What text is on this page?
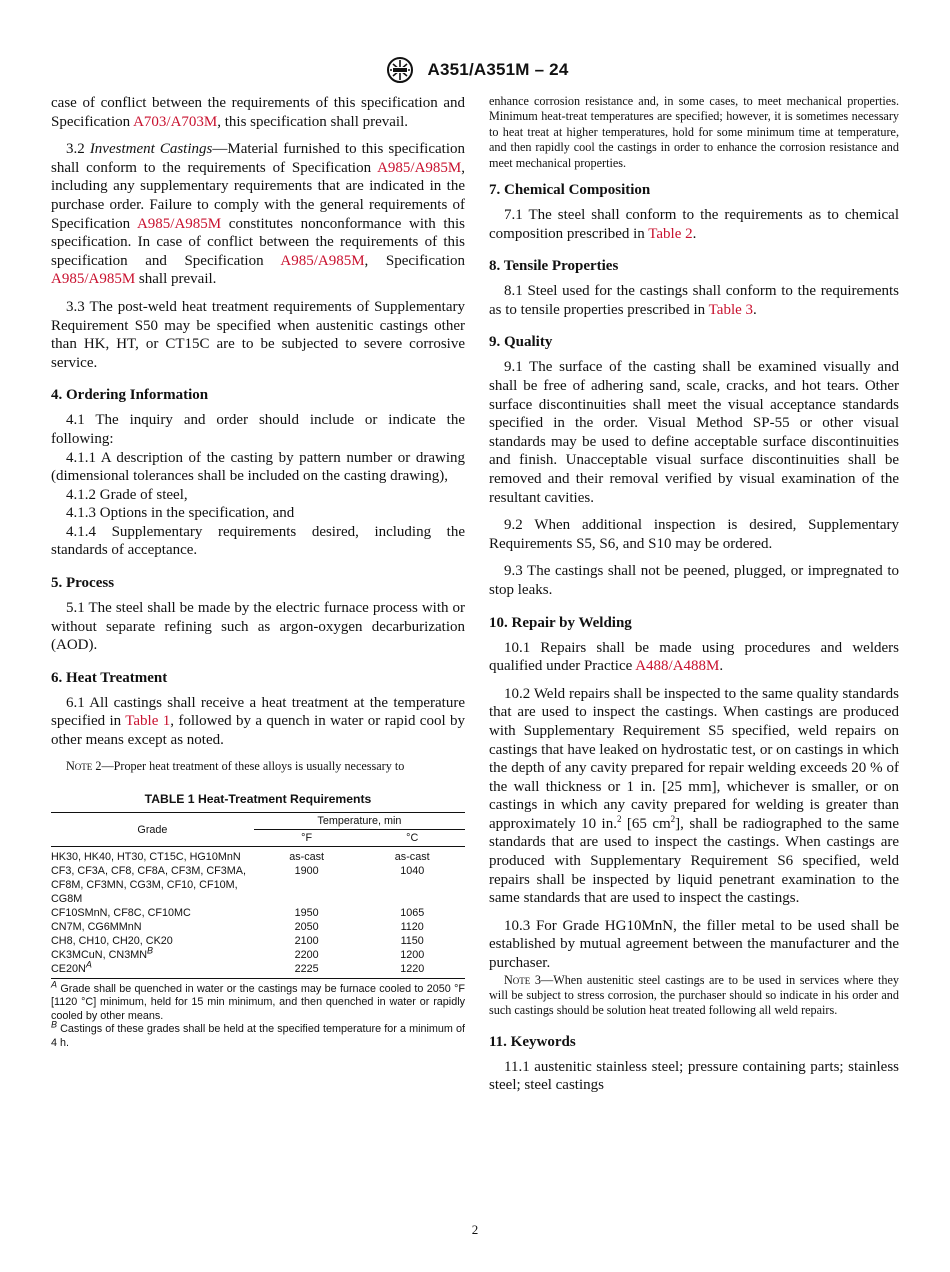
A351/A351M – 24

case of conflict between the requirements of this specification and Specification A703/A703M, this specification shall prevail.

3.2 Investment Castings—Material furnished to this specification shall conform to the requirements of Specification A985/A985M, including any supplementary requirements that are indicated in the purchase order. Failure to comply with the general requirements of Specification A985/A985M constitutes nonconformance with this specification. In case of conflict between the requirements of this specification and Specification A985/A985M, Specification A985/A985M shall prevail.

3.3 The post-weld heat treatment requirements of Supplementary Requirement S50 may be specified when austenitic castings other than HK, HT, or CT15C are to be subjected to severe corrosive service.

4. Ordering Information

4.1 The inquiry and order should include or indicate the following:

4.1.1 A description of the casting by pattern number or drawing (dimensional tolerances shall be included on the casting drawing),

4.1.2 Grade of steel,

4.1.3 Options in the specification, and

4.1.4 Supplementary requirements desired, including the standards of acceptance.

5. Process

5.1 The steel shall be made by the electric furnace process with or without separate refining such as argon-oxygen decarburization (AOD).

6. Heat Treatment

6.1 All castings shall receive a heat treatment at the temperature specified in Table 1, followed by a quench in water or rapid cool by other means except as noted.

Note 2—Proper heat treatment of these alloys is usually necessary to

TABLE 1 Heat-Treatment Requirements
Grade	Temperature, min	
	°F	°C
HK30, HK40, HT30, CT15C, HG10MnN	as-cast	as-cast
CF3, CF3A, CF8, CF8A, CF3M, CF3MA, CF8M, CF3MN, CG3M, CF10, CF10M, CG8M	1900	1040
CF10SMnN, CF8C, CF10MC	1950	1065
CN7M, CG6MMnN	2050	1120
CH8, CH10, CH20, CK20	2100	1150
CK3MCuN, $CN3MN^B$	2200	1200
$CE20N^A$	2225	1220

$^A$ Grade shall be quenched in water or the castings may be furnace cooled to 2050 °F [1120 °C] minimum, held for 15 min minimum, and then quenched in water or rapidly cooled by other means.

$^B$ Castings of these grades shall be held at the specified temperature for a minimum of 4 h.

enhance corrosion resistance and, in some cases, to meet mechanical properties. Minimum heat-treat temperatures are specified; however, it is sometimes necessary to heat treat at higher temperatures, hold for some minimum time at temperature, and then rapidly cool the castings in order to enhance the corrosion resistance and meet mechanical properties.

7. Chemical Composition

7.1 The steel shall conform to the requirements as to chemical composition prescribed in Table 2.

8. Tensile Properties

8.1 Steel used for the castings shall conform to the requirements as to tensile properties prescribed in Table 3.

9. Quality

9.1 The surface of the casting shall be examined visually and shall be free of adhering sand, scale, cracks, and hot tears. Other surface discontinuities shall meet the visual acceptance standards specified in the order. Visual Method SP-55 or other visual standards may be used to define acceptable surface discontinuities and finish. Unacceptable visual surface discontinuities shall be removed and their removal verified by visual examination of the resultant cavities.

9.2 When additional inspection is desired, Supplementary Requirements S5, S6, and S10 may be ordered.

9.3 The castings shall not be peened, plugged, or impregnated to stop leaks.

10. Repair by Welding

10.1 Repairs shall be made using procedures and welders qualified under Practice A488/A488M.

10.2 Weld repairs shall be inspected to the same quality standards that are used to inspect the castings. When castings are produced with Supplementary Requirement S5 specified, weld repairs on castings that have leaked on hydrostatic test, or on castings in which the depth of any cavity prepared for repair welding exceeds 20 % of the wall thickness or 1 in. [25 mm], whichever is smaller, or on castings in which any cavity prepared for welding is greater than approximately 10 in.$^2$ [65 $cm^2$], shall be radiographed to the same standards that are used to inspect the castings. When castings are produced with Supplementary Requirement S6 specified, weld repairs shall be inspected by liquid penetrant examination to the same standards that are used to inspect the castings.

10.3 For Grade HG10MnN, the filler metal to be used shall be established by mutual agreement between the manufacturer and the purchaser.

Note 3—When austenitic steel castings are to be used in services where they will be subject to stress corrosion, the purchaser should so indicate in his order and such castings should be solution heat treated following all weld repairs.

11. Keywords

11.1 austenitic stainless steel; pressure containing parts; stainless steel; steel castings

2
